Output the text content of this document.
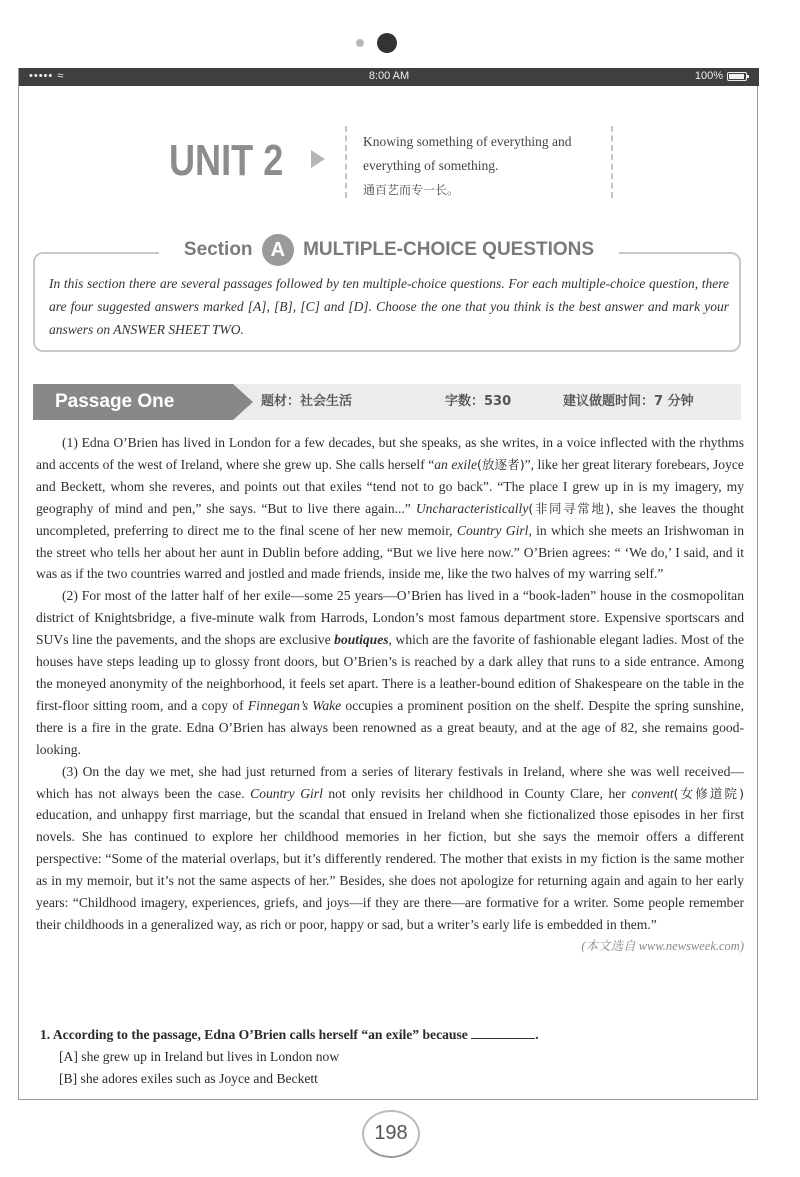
••••• ≈	8:00 AM	100%
UNIT 2	Knowing something of everything and
everything of something.
通百艺而专一长。
Section A MULTIPLE-CHOICE QUESTIONS
In this section there are several passages followed by ten multiple-choice questions. For each multiple-choice question, there are four suggested answers marked [A], [B], [C] and [D]. Choose the one that you think is the best answer and mark your answers on ANSWER SHEET TWO.
Passage One	题材：社会生活	字数：530	建议做题时间：7 分钟

(1) Edna O’Brien has lived in London for a few decades, but she speaks, as she writes, in a voice inflected with the rhythms and accents of the west of Ireland, where she grew up. She calls herself “an exile(放逐者)”, like her great literary forebears, Joyce and Beckett, whom she reveres, and points out that exiles “tend not to go back”. “The place I grew up in is my imagery, my geography of mind and pen,” she says. “But to live there again...” Uncharacteristically(非同寻常地), she leaves the thought uncompleted, preferring to direct me to the final scene of her new memoir, Country Girl, in which she meets an Irishwoman in the street who tells her about her aunt in Dublin before adding, “But we live here now.” O’Brien agrees: “ ‘We do,’ I said, and it was as if the two countries warred and jostled and made friends, inside me, like the two halves of my warring self.”

(2) For most of the latter half of her exile—some 25 years—O’Brien has lived in a “book-laden” house in the cosmopolitan district of Knightsbridge, a five-minute walk from Harrods, London’s most famous department store. Expensive sportscars and SUVs line the pavements, and the shops are exclusive boutiques, which are the favorite of fashionable elegant ladies. Most of the houses have steps leading up to glossy front doors, but O’Brien’s is reached by a dark alley that runs to a side entrance. Among the moneyed anonymity of the neighborhood, it feels set apart. There is a leather-bound edition of Shakespeare on the table in the first-floor sitting room, and a copy of Finnegan’s Wake occupies a prominent position on the shelf. Despite the spring sunshine, there is a fire in the grate. Edna O’Brien has always been renowned as a great beauty, and at the age of 82, she remains good-looking.

(3) On the day we met, she had just returned from a series of literary festivals in Ireland, where she was well received—which has not always been the case. Country Girl not only revisits her childhood in County Clare, her convent(女修道院) education, and unhappy first marriage, but the scandal that ensued in Ireland when she fictionalized those episodes in her first novels. She has continued to explore her childhood memories in her fiction, but she says the memoir offers a different perspective: “Some of the material overlaps, but it’s differently rendered. The mother that exists in my fiction is the same mother as in my memoir, but it’s not the same aspects of her.” Besides, she does not apologize for returning again and again to her early years: “Childhood imagery, experiences, griefs, and joys—if they are there—are formative for a writer. Some people remember their childhoods in a generalized way, as rich or poor, happy or sad, but a writer’s early life is embedded in them.”
(本文选自 www.newsweek.com)

1. According to the passage, Edna O’Brien calls herself “an exile” because	.
[A] she grew up in Ireland but lives in London now
[B] she adores exiles such as Joyce and Beckett
198
